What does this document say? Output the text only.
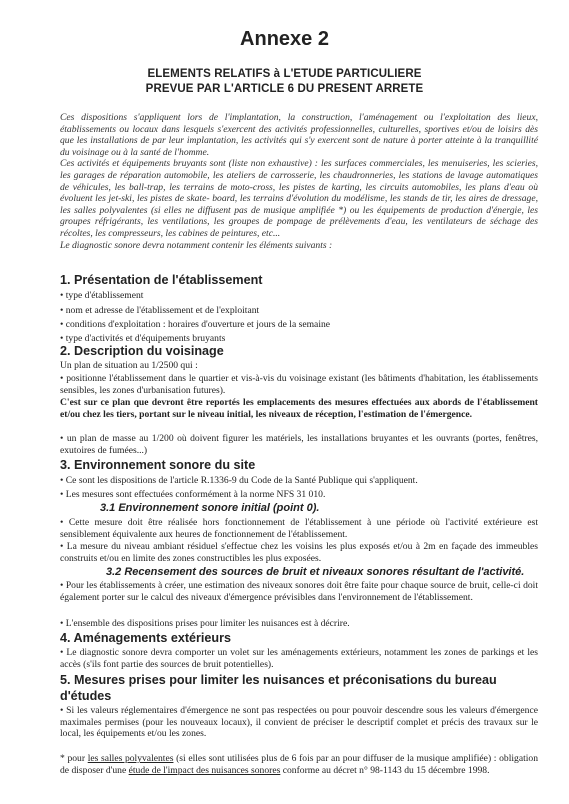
Annexe 2
ELEMENTS RELATIFS à L'ETUDE PARTICULIERE
PREVUE PAR L'ARTICLE 6 DU PRESENT ARRETE

Ces dispositions s'appliquent lors de l'implantation, la construction, l'aménagement ou l'exploitation des lieux, établissements ou locaux dans lesquels s'exercent des activités professionnelles, culturelles, sportives et/ou de loisirs dès que les installations de par leur implantation, les activités qui s'y exercent sont de nature à porter atteinte à la tranquillité du voisinage ou à la santé de l'homme.

Ces activités et équipements bruyants sont (liste non exhaustive) : les surfaces commerciales, les menuiseries, les scieries, les garages de réparation automobile, les ateliers de carrosserie, les chaudronneries, les stations de lavage automatiques de véhicules, les ball-trap, les terrains de moto-cross, les pistes de karting, les circuits automobiles, les plans d'eau où évoluent les jet-ski, les pistes de skate- board, les terrains d'évolution du modélisme, les stands de tir, les aires de dressage, les salles polyvalentes (si elles ne diffusent pas de musique amplifiée *) ou les équipements de production d'énergie, les groupes réfrigérants, les ventilations, les groupes de pompage de prélèvements d'eau, les ventilateurs de séchage des récoltes, les compresseurs, les cabines de peintures, etc...

Le diagnostic sonore devra notamment contenir les éléments suivants :

1. Présentation de l'établissement
• type d'établissement
• nom et adresse de l'établissement et de l'exploitant
• conditions d'exploitation : horaires d'ouverture et jours de la semaine
• type d'activités et d'équipements bruyants
2. Description du voisinage
Un plan de situation au 1/2500 qui :
• positionne l'établissement dans le quartier et vis-à-vis du voisinage existant (les bâtiments d'habitation, les établissements sensibles, les zones d'urbanisation futures).
C'est sur ce plan que devront être reportés les emplacements des mesures effectuées aux abords de l'établissement et/ou chez les tiers, portant sur le niveau initial, les niveaux de réception, l'estimation de l'émergence.
• un plan de masse au 1/200 où doivent figurer les matériels, les installations bruyantes et les ouvrants (portes, fenêtres, exutoires de fumées...)
3. Environnement sonore du site
• Ce sont les dispositions de l'article R.1336-9 du Code de la Santé Publique qui s'appliquent.
• Les mesures sont effectuées conformément à la norme NFS 31 010.
3.1 Environnement sonore initial (point 0).
• Cette mesure doit être réalisée hors fonctionnement de l'établissement à une période où l'activité extérieure est sensiblement équivalente aux heures de fonctionnement de l'établissement.
• La mesure du niveau ambiant résiduel s'effectue chez les voisins les plus exposés et/ou à 2m en façade des immeubles construits et/ou en limite des zones constructibles les plus exposées.
3.2 Recensement des sources de bruit et niveaux sonores résultant de l'activité.
• Pour les établissements à créer, une estimation des niveaux sonores doit être faite pour chaque source de bruit, celle-ci doit également porter sur le calcul des niveaux d'émergence prévisibles dans l'environnement de l'établissement.
• L'ensemble des dispositions prises pour limiter les nuisances est à décrire.
4. Aménagements extérieurs
• Le diagnostic sonore devra comporter un volet sur les aménagements extérieurs, notamment les zones de parkings et les accès (s'ils font partie des sources de bruit potentielles).
5. Mesures prises pour limiter les nuisances et préconisations du bureau d'études
• Si les valeurs réglementaires d'émergence ne sont pas respectées ou pour pouvoir descendre sous les valeurs d'émergence maximales permises (pour les nouveaux locaux), il convient de préciser le descriptif complet et précis des travaux sur le local, les équipements et/ou les zones.
* pour les salles polyvalentes (si elles sont utilisées plus de 6 fois par an pour diffuser de la musique amplifiée) : obligation de disposer d'une étude de l'impact des nuisances sonores conforme au décret n° 98-1143 du 15 décembre 1998.
